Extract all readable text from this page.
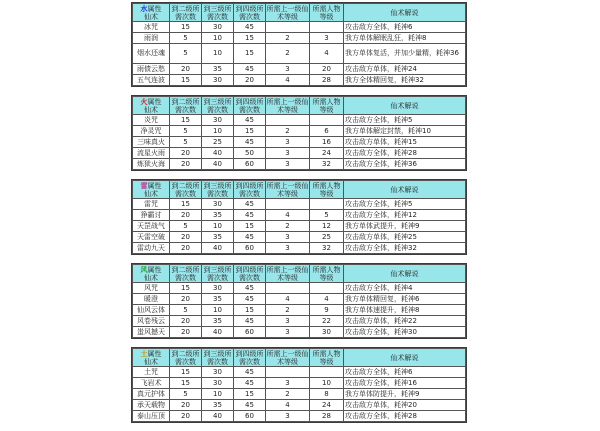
水属性
仙术	到二级所需次数	到三级所需次数	到四级所需次数	所需上一级仙术等级	所需人物等级	仙术解说
冰咒	15	30	45			攻击敌方全体，耗神6
雨润	5	10	15	2	3	我方单体解眠乱狂，耗神8
烟水还魂	5	10	15	2	4	我方单体复活，并加少量精，耗神36
雨债云愁	20	35	45	3	20	攻击敌方单体，耗神24
五气连波	15	30	20	4	28	我方全体精回复，耗神32
火属性
仙术	到二级所需次数	到三级所需次数	到四级所需次数	所需上一级仙术等级	所需人物等级	仙术解说
炎咒	15	30	45			攻击敌方全体，耗神5
净灵咒	5	10	15	2	6	我方单体解定封禁，耗神10
三味真火	5	25	45	3	16	攻击敌方单体，耗神15
流星火雨	20	40	50	3	24	攻击敌方全体，耗神28
炼狱火海	20	40	60	3	32	攻击敌方全体，耗神36
雷属性
仙术	到二级所需次数	到三级所需次数	到四级所需次数	所需上一级仙术等级	所需人物等级	仙术解说
雷咒	15	30	45			攻击敌方全体，耗神5
狰霸讨	20	35	45	4	5	攻击敌方全体，耗神12
天罡战气	5	10	15	2	12	我方单体武提升，耗神9
天雷空破	20	35	45	3	25	攻击敌方单体，耗神25
雷动九天	20	40	60	3	32	攻击敌方全体，耗神32
风属性
仙术	到二级所需次数	到三级所需次数	到四级所需次数	所需上一级仙术等级	所需人物等级	仙术解说
风咒	15	30	45			攻击敌方全体，耗神4
暖澄	20	35	45	4	4	我方单体精回复，耗神6
仙风云体	5	10	15	2	9	我方单体速提升，耗神8
风卷残云	20	35	45	3	22	攻击敌方单体，耗神22
蚩风撼天	20	40	60	3	30	攻击敌方全体，耗神30
土属性
仙术	到二级所需次数	到三级所需次数	到四级所需次数	所需上一级仙术等级	所需人物等级	仙术解说
土咒	15	30	45			攻击敌方全体，耗神6
飞岩术	15	30	45	3	10	攻击敌方全体，耗神16
真元护体	5	10	15	2	8	我方单体防提升，耗神9
承天载物	20	35	45	4	24	攻击敌方单体，耗神20
泰山压顶	20	40	60	3	28	攻击敌方全体，耗神28
